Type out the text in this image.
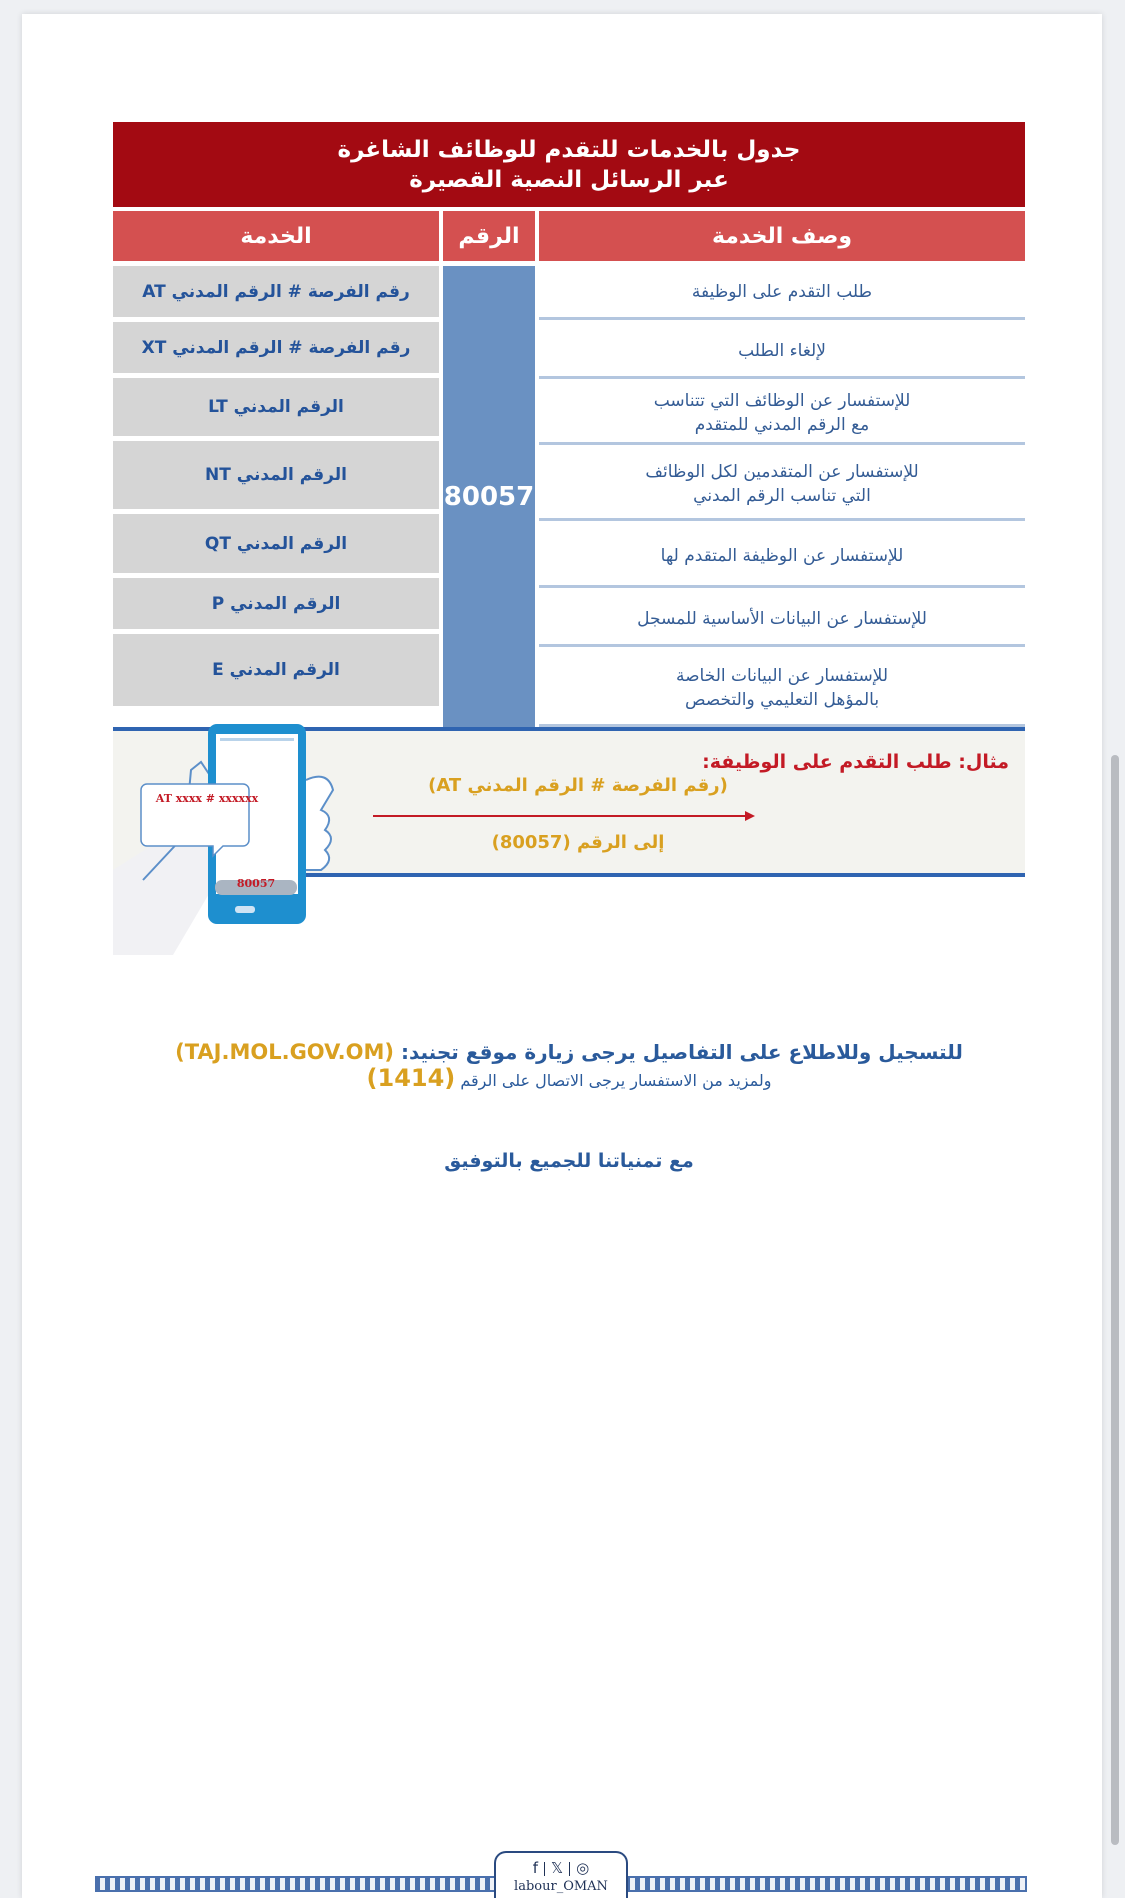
جدول بالخدمات للتقدم للوظائف الشاغرة
عبر الرسائل النصية القصيرة
الخدمة	الرقم	وصف الخدمة
رقم الفرصة # الرقم المدني AT
رقم الفرصة # الرقم المدني XT
الرقم المدني LT
الرقم المدني NT
الرقم المدني QT
الرقم المدني P
الرقم المدني E
80057
طلب التقدم على الوظيفة
لإلغاء الطلب
للإستفسار عن الوظائف التي تتناسب
مع الرقم المدني للمتقدم
للإستفسار عن المتقدمين لكل الوظائف
التي تناسب الرقم المدني
للإستفسار عن الوظيفة المتقدم لها
للإستفسار عن البيانات الأساسية للمسجل
للإستفسار عن البيانات الخاصة
بالمؤهل التعليمي والتخصص
مثال: طلب التقدم على الوظيفة:
(رقم الفرصة # الرقم المدني AT)
إلى الرقم (80057)
AT xxxx # xxxxxx
80057
للتسجيل وللاطلاع على التفاصيل يرجى زيارة موقع تجنيد: (TAJ.MOL.GOV.OM)
ولمزيد من الاستفسار يرجى الاتصال على الرقم (1414)
مع تمنياتنا للجميع بالتوفيق
f 𝕏 ◎
labour_OMAN
